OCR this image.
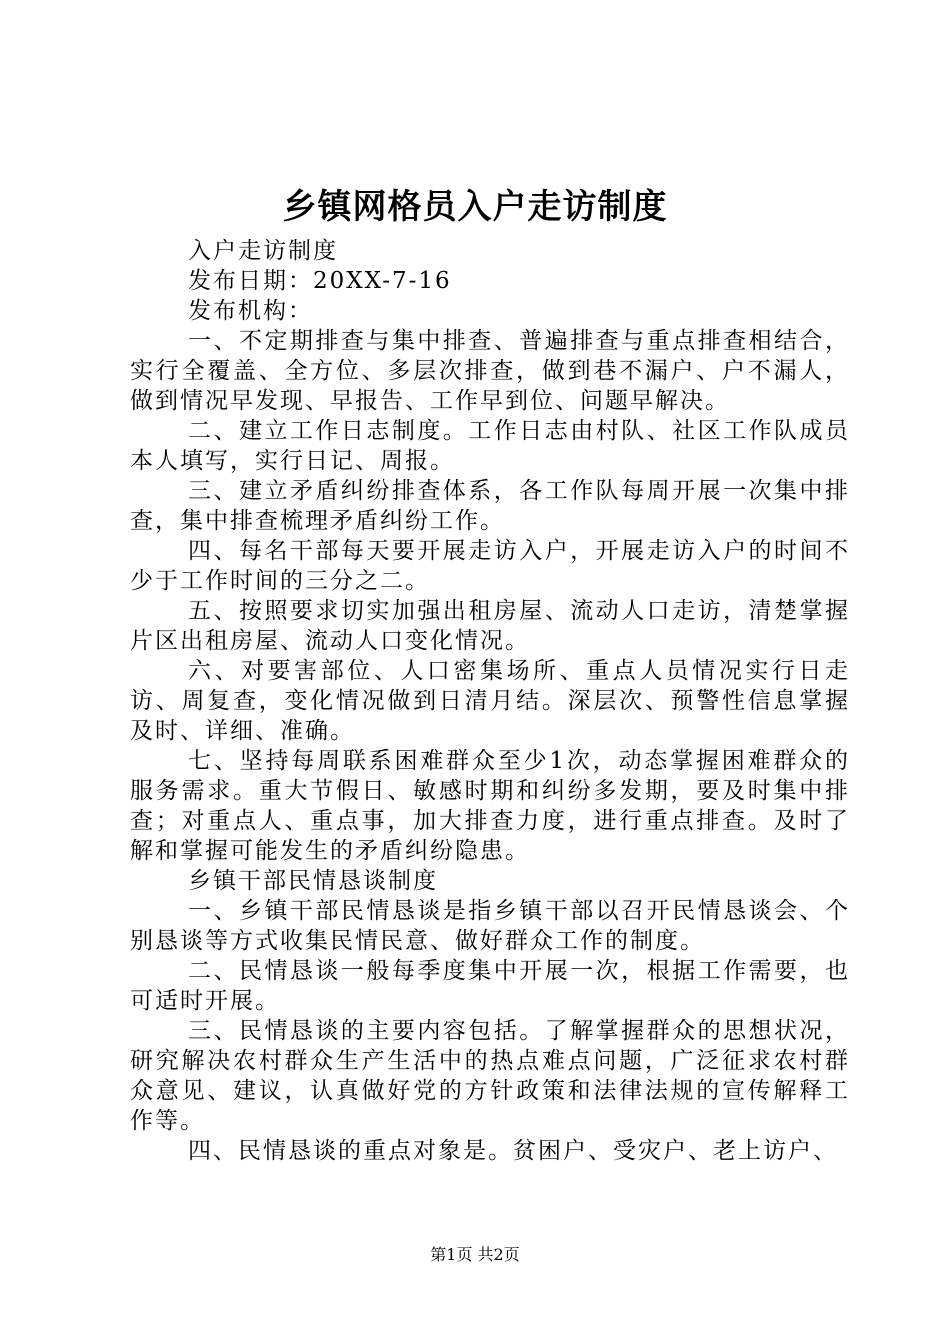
乡镇网格员入户走访制度

入户走访制度

发布日期：20XX-7-16

发布机构：

一、不定期排查与集中排查、普遍排查与重点排查相结合，实行全覆盖、全方位、多层次排查，做到巷不漏户、户不漏人，做到情况早发现、早报告、工作早到位、问题早解决。

二、建立工作日志制度。工作日志由村队、社区工作队成员本人填写，实行日记、周报。

三、建立矛盾纠纷排查体系，各工作队每周开展一次集中排查，集中排查梳理矛盾纠纷工作。

四、每名干部每天要开展走访入户，开展走访入户的时间不少于工作时间的三分之二。

五、按照要求切实加强出租房屋、流动人口走访，清楚掌握片区出租房屋、流动人口变化情况。

六、对要害部位、人口密集场所、重点人员情况实行日走访、周复查，变化情况做到日清月结。深层次、预警性信息掌握及时、详细、准确。

七、坚持每周联系困难群众至少1次，动态掌握困难群众的服务需求。重大节假日、敏感时期和纠纷多发期，要及时集中排查；对重点人、重点事，加大排查力度，进行重点排查。及时了解和掌握可能发生的矛盾纠纷隐患。

乡镇干部民情恳谈制度

一、乡镇干部民情恳谈是指乡镇干部以召开民情恳谈会、个别恳谈等方式收集民情民意、做好群众工作的制度。

二、民情恳谈一般每季度集中开展一次，根据工作需要，也可适时开展。

三、民情恳谈的主要内容包括。了解掌握群众的思想状况，研究解决农村群众生产生活中的热点难点问题，广泛征求农村群众意见、建议，认真做好党的方针政策和法律法规的宣传解释工作等。

四、民情恳谈的重点对象是。贫困户、受灾户、老上访户、

第1页 共2页
